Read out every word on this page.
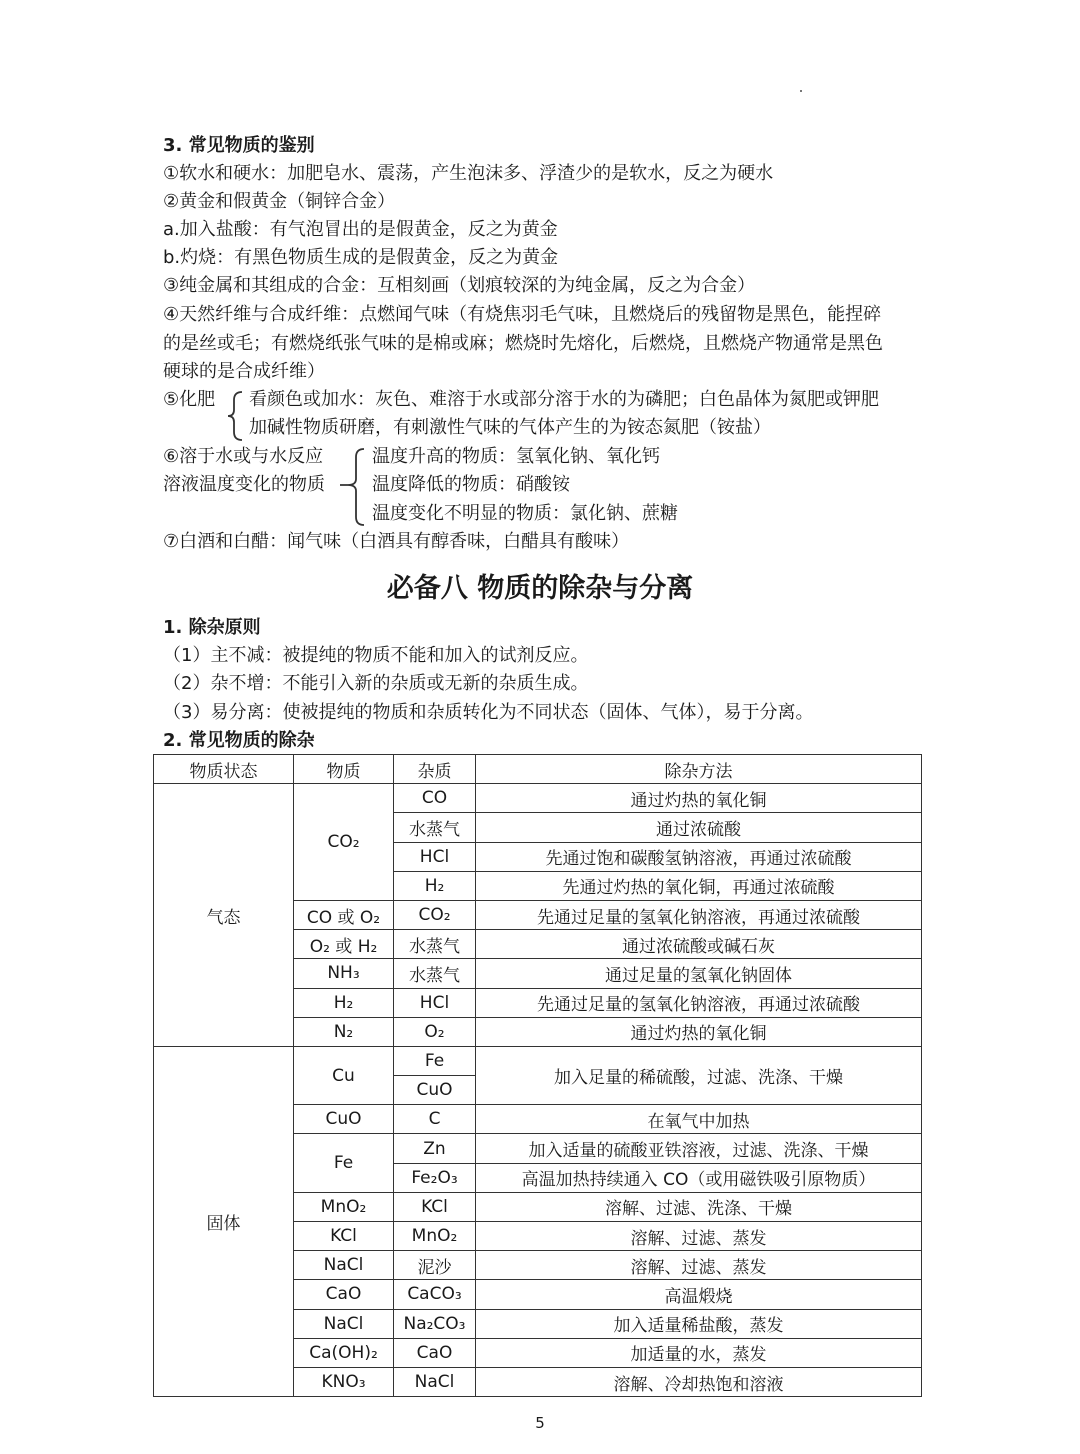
3. 常见物质的鉴别
①软水和硬水：加肥皂水、震荡，产生泡沫多、浮渣少的是软水，反之为硬水
②黄金和假黄金（铜锌合金）
a.加入盐酸：有气泡冒出的是假黄金，反之为黄金
b.灼烧：有黑色物质生成的是假黄金，反之为黄金
③纯金属和其组成的合金：互相刻画（划痕较深的为纯金属，反之为合金）
④天然纤维与合成纤维：点燃闻气味（有烧焦羽毛气味，且燃烧后的残留物是黑色，能捏碎
的是丝或毛；有燃烧纸张气味的是棉或麻；燃烧时先熔化，后燃烧，且燃烧产物通常是黑色
硬球的是合成纤维）
⑤化肥 看颜色或加水：灰色、难溶于水或部分溶于水的为磷肥；白色晶体为氮肥或钾肥
加碱性物质研磨，有刺激性气味的气体产生的为铵态氮肥（铵盐）
⑥溶于水或与水反应
溶液温度变化的物质
温度升高的物质：氢氧化钠、氧化钙
温度降低的物质：硝酸铵
温度变化不明显的物质：氯化钠、蔗糖
⑦白酒和白醋：闻气味（白酒具有醇香味，白醋具有酸味）
必备八 物质的除杂与分离
1. 除杂原则
（1）主不减：被提纯的物质不能和加入的试剂反应。
（2）杂不增：不能引入新的杂质或无新的杂质生成。
（3）易分离：使被提纯的物质和杂质转化为不同状态（固体、气体），易于分离。
2. 常见物质的除杂
物质状态	物质	杂质	除杂方法
气态	CO₂	CO	通过灼热的氧化铜
		水蒸气	通过浓硫酸
		HCl	先通过饱和碳酸氢钠溶液，再通过浓硫酸
		H₂	先通过灼热的氧化铜，再通过浓硫酸
	CO 或 O₂	CO₂	先通过足量的氢氧化钠溶液，再通过浓硫酸
	O₂ 或 H₂	水蒸气	通过浓硫酸或碱石灰
	NH₃	水蒸气	通过足量的氢氧化钠固体
	H₂	HCl	先通过足量的氢氧化钠溶液，再通过浓硫酸
	N₂	O₂	通过灼热的氧化铜
固体	Cu	Fe	加入足量的稀硫酸，过滤、洗涤、干燥
		CuO	
	CuO	C	在氧气中加热
	Fe	Zn	加入适量的硫酸亚铁溶液，过滤、洗涤、干燥
		Fe₂O₃	高温加热持续通入 CO（或用磁铁吸引原物质）
	MnO₂	KCl	溶解、过滤、洗涤、干燥
	KCl	MnO₂	溶解、过滤、蒸发
	NaCl	泥沙	溶解、过滤、蒸发
	CaO	CaCO₃	高温煅烧
	NaCl	Na₂CO₃	加入适量稀盐酸，蒸发
	Ca(OH)₂	CaO	加适量的水，蒸发
	KNO₃	NaCl	溶解、冷却热饱和溶液
5
